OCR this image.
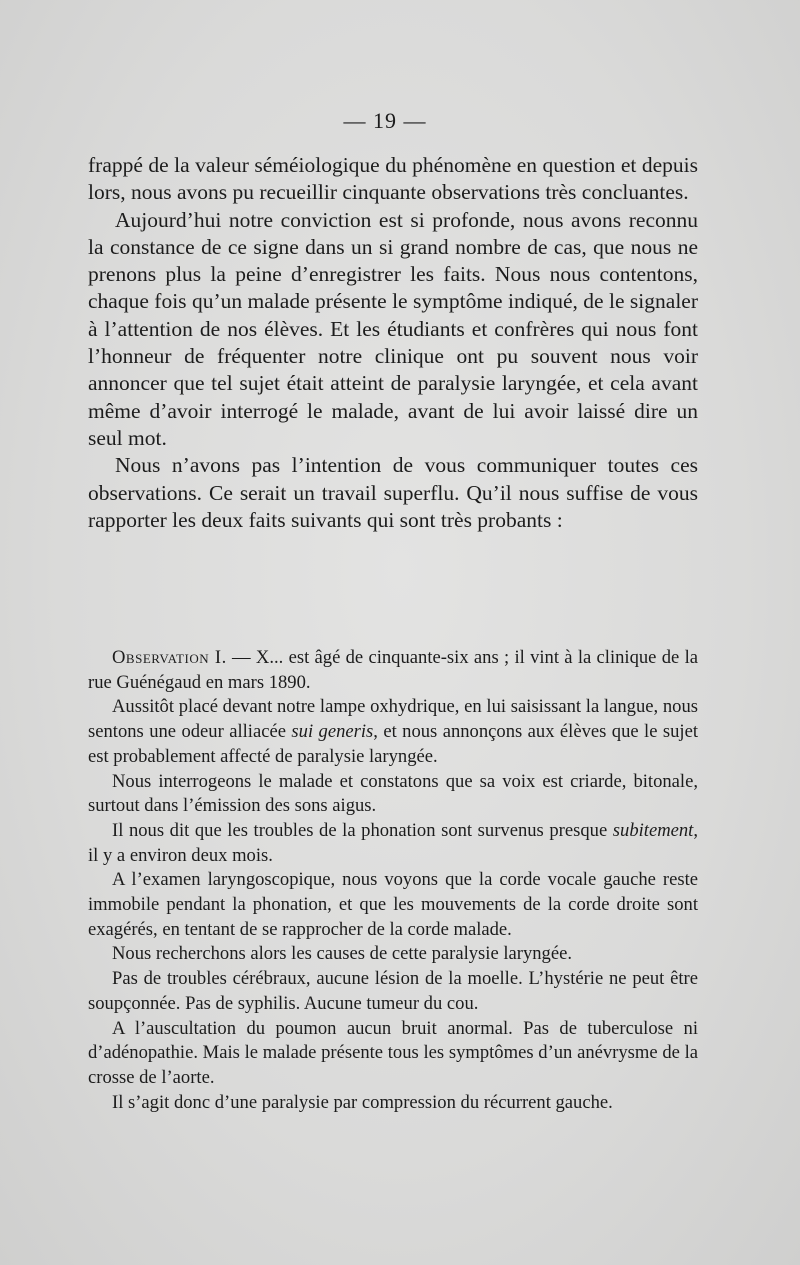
— 19 —

frappé de la valeur séméiologique du phénomène en question et depuis lors, nous avons pu recueillir cinquante observations très concluantes.

Aujourd’hui notre conviction est si profonde, nous avons reconnu la constance de ce signe dans un si grand nombre de cas, que nous ne prenons plus la peine d’enregistrer les faits. Nous nous contentons, chaque fois qu’un malade présente le symptôme indiqué, de le signaler à l’attention de nos élèves. Et les étudiants et confrères qui nous font l’honneur de fréquenter notre clinique ont pu souvent nous voir annoncer que tel sujet était atteint de paralysie laryngée, et cela avant même d’avoir interrogé le malade, avant de lui avoir laissé dire un seul mot.

Nous n’avons pas l’intention de vous communiquer toutes ces observations. Ce serait un travail superflu. Qu’il nous suffise de vous rapporter les deux faits suivants qui sont très probants :

Observation I. — X... est âgé de cinquante-six ans ; il vint à la clinique de la rue Guénégaud en mars 1890.

Aussitôt placé devant notre lampe oxhydrique, en lui saisissant la langue, nous sentons une odeur alliacée sui generis, et nous annonçons aux élèves que le sujet est probablement affecté de paralysie laryngée.

Nous interrogeons le malade et constatons que sa voix est criarde, bitonale, surtout dans l’émission des sons aigus.

Il nous dit que les troubles de la phonation sont survenus presque subitement, il y a environ deux mois.

A l’examen laryngoscopique, nous voyons que la corde vocale gauche reste immobile pendant la phonation, et que les mouvements de la corde droite sont exagérés, en tentant de se rapprocher de la corde malade.

Nous recherchons alors les causes de cette paralysie laryngée.

Pas de troubles cérébraux, aucune lésion de la moelle. L’hystérie ne peut être soupçonnée. Pas de syphilis. Aucune tumeur du cou.

A l’auscultation du poumon aucun bruit anormal. Pas de tuberculose ni d’adénopathie. Mais le malade présente tous les symptômes d’un anévrysme de la crosse de l’aorte.

Il s’agit donc d’une paralysie par compression du récurrent gauche.
